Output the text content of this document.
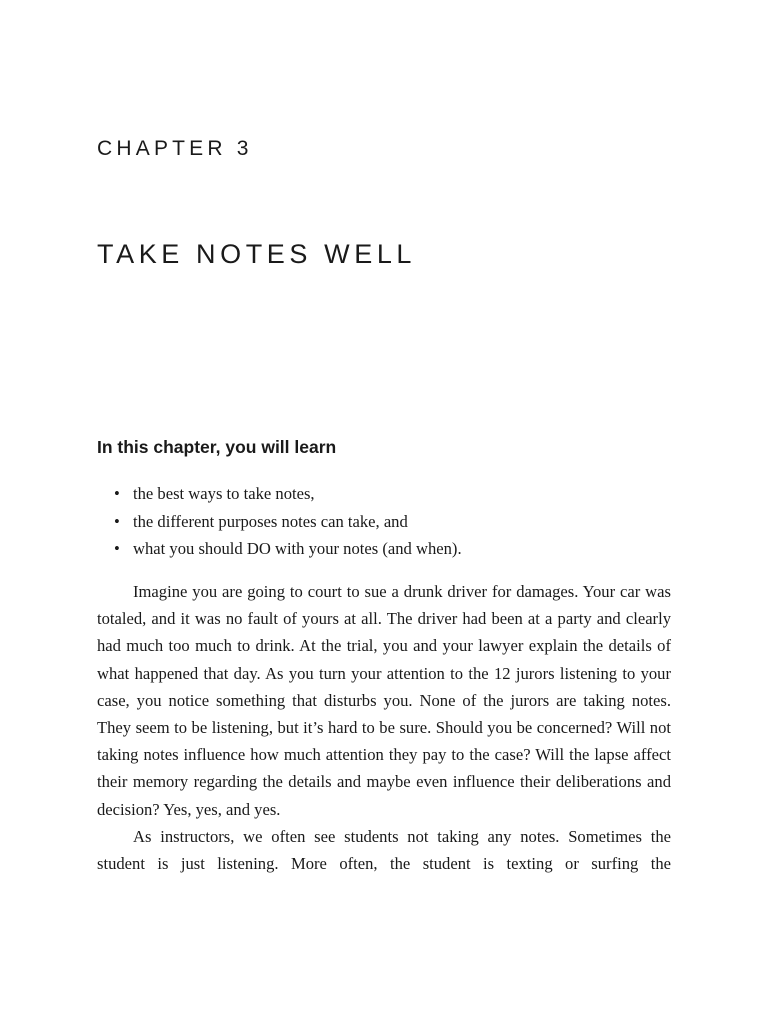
CHAPTER 3
TAKE NOTES WELL
In this chapter, you will learn
• the best ways to take notes,
• the different purposes notes can take, and
• what you should DO with your notes (and when).

Imagine you are going to court to sue a drunk driver for damages. Your car was totaled, and it was no fault of yours at all. The driver had been at a party and clearly had much too much to drink. At the trial, you and your lawyer explain the details of what happened that day. As you turn your attention to the 12 jurors listening to your case, you notice something that disturbs you. None of the jurors are taking notes. They seem to be listening, but it’s hard to be sure. Should you be concerned? Will not taking notes influence how much attention they pay to the case? Will the lapse affect their memory regarding the details and maybe even influence their deliberations and decision? Yes, yes, and yes.

As instructors, we often see students not taking any notes. Sometimes the student is just listening. More often, the student is texting or surfing the
